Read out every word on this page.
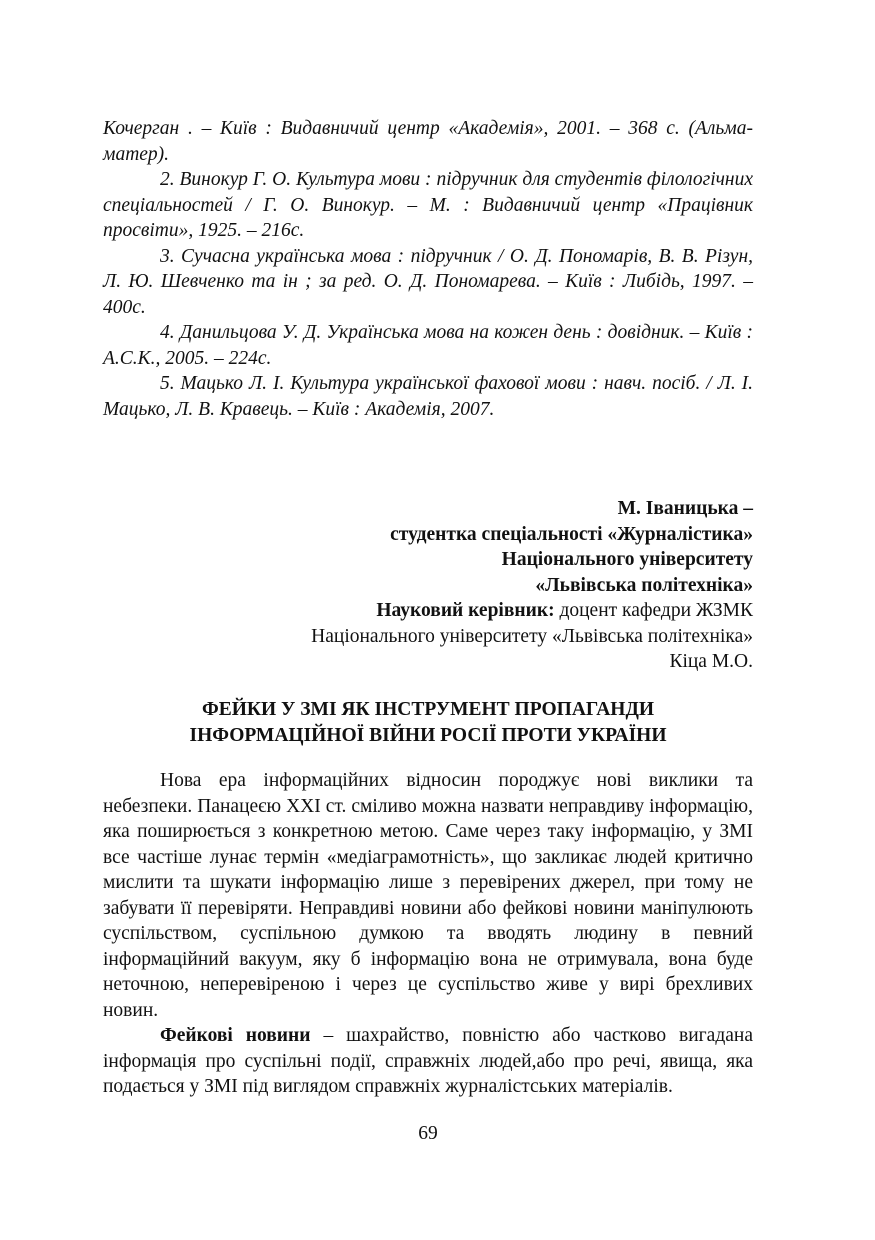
Кочерган . – Київ : Видавничий центр «Академія», 2001. – 368 с. (Альма-матер).

2. Винокур Г. О. Культура мови : підручник для студентів філологічних спеціальностей / Г. О. Винокур. – М. : Видавничий центр «Працівник просвіти», 1925. – 216с.

3. Сучасна українська мова : підручник / О. Д. Пономарів, В. В. Різун, Л. Ю. Шевченко та ін ; за ред. О. Д. Пономарева. – Київ : Либідь, 1997. – 400с.

4. Данильцова У. Д. Українська мова на кожен день : довідник. – Київ : А.С.К., 2005. – 224с.

5. Мацько Л. І. Культура української фахової мови : навч. посіб. / Л. І. Мацько, Л. В. Кравець. – Київ : Академія, 2007.

М. Іваницька –
студентка спеціальності «Журналістика»
Національного університету
«Львівська політехніка»
Науковий керівник: доцент кафедри ЖЗМК
Національного університету «Львівська політехніка»
Кіца М.О.
ФЕЙКИ У ЗМІ ЯК ІНСТРУМЕНТ ПРОПАГАНДИ
ІНФОРМАЦІЙНОЇ ВІЙНИ РОСІЇ ПРОТИ УКРАЇНИ

Нова ера інформаційних відносин породжує нові виклики та небезпеки. Панацеєю XXI ст. сміливо можна назвати неправдиву інформацію, яка поширюється з конкретною метою. Саме через таку інформацію, у ЗМІ все частіше лунає термін «медіаграмотність», що закликає людей критично мислити та шукати інформацію лише з перевірених джерел, при тому не забувати її перевіряти. Неправдиві новини або фейкові новини маніпулюють суспільством, суспільною думкою та вводять людину в певний інформаційний вакуум, яку б інформацію вона не отримувала, вона буде неточною, неперевіреною і через це суспільство живе у вирі брехливих новин.

Фейкові новини – шахрайство, повністю або частково вигадана інформація про суспільні події, справжніх людей,або про речі, явища, яка подається у ЗМІ під виглядом справжніх журналістських матеріалів.

69
